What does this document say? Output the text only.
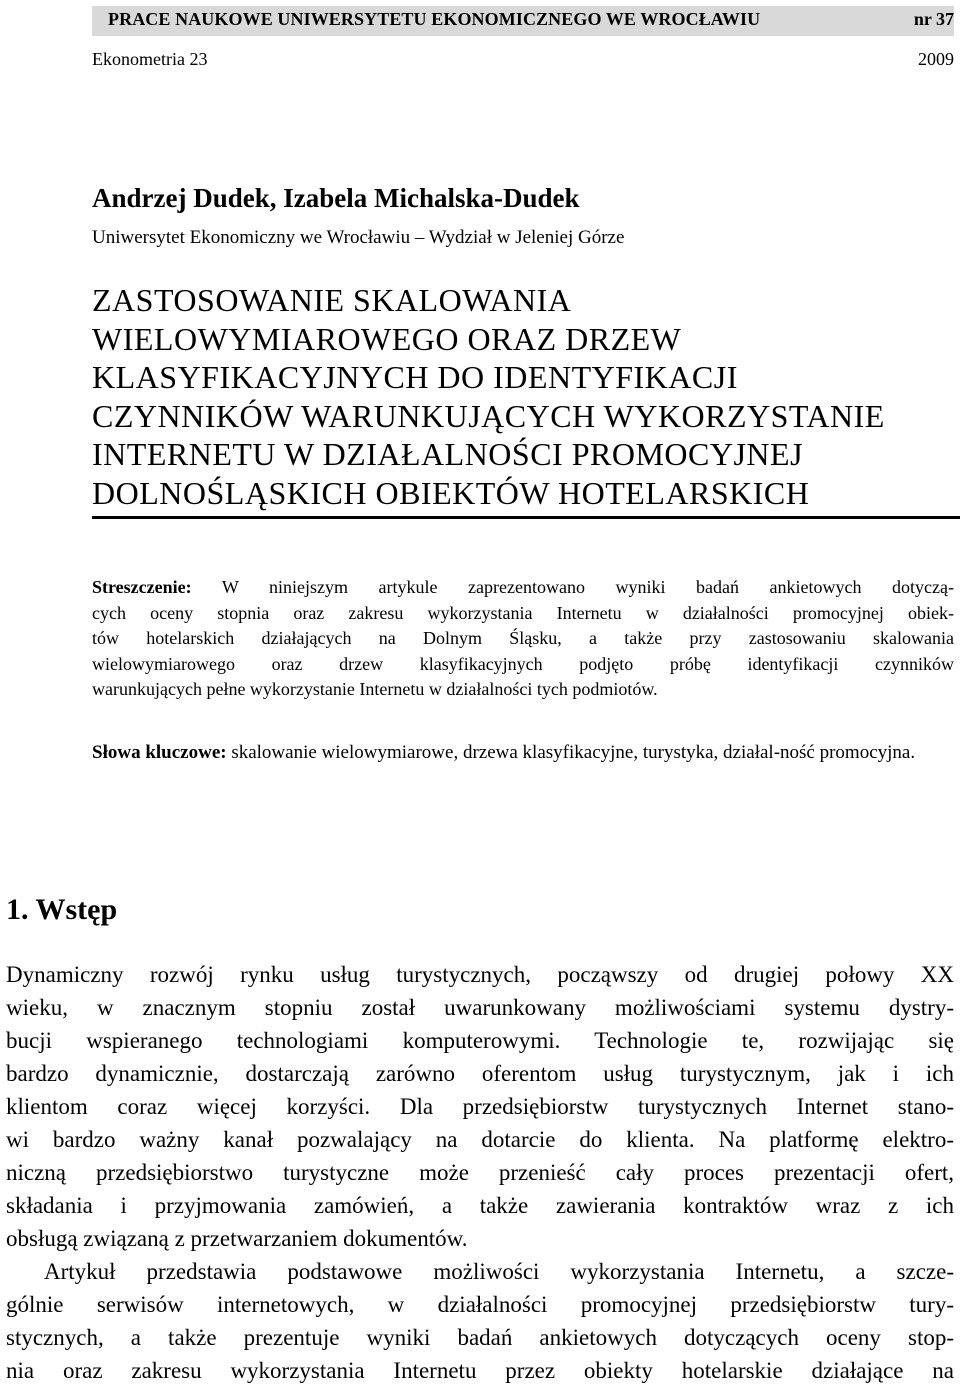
PRACE NAUKOWE UNIWERSYTETU EKONOMICZNEGO WE WROCŁAWIU	nr 37
Ekonometria 23	2009
Andrzej Dudek, Izabela Michalska-Dudek
Uniwersytet Ekonomiczny we Wrocławiu – Wydział w Jeleniej Górze
ZASTOSOWANIE SKALOWANIA
WIELOWYMIAROWEGO ORAZ DRZEW
KLASYFIKACYJNYCH DO IDENTYFIKACJI
CZYNNIKÓW WARUNKUJĄCYCH WYKORZYSTANIE
INTERNETU W DZIAŁALNOŚCI PROMOCYJNEJ
DOLNOŚLĄSKICH OBIEKTÓW HOTELARSKICH
Streszczenie: W niniejszym artykule zaprezentowano wyniki badań ankietowych dotyczą-
cych oceny stopnia oraz zakresu wykorzystania Internetu w działalności promocyjnej obiek-
tów hotelarskich działających na Dolnym Śląsku, a także przy zastosowaniu skalowania
wielowymiarowego oraz drzew klasyfikacyjnych podjęto próbę identyfikacji czynników
warunkujących pełne wykorzystanie Internetu w działalności tych podmiotów.
Słowa kluczowe: skalowanie wielowymiarowe, drzewa klasyfikacyjne, turystyka, działal-ność promocyjna.
1. Wstęp
Dynamiczny rozwój rynku usług turystycznych, począwszy od drugiej połowy XX
wieku, w znacznym stopniu został uwarunkowany możliwościami systemu dystry-
bucji wspieranego technologiami komputerowymi. Technologie te, rozwijając się
bardzo dynamicznie, dostarczają zarówno oferentom usług turystycznym, jak i ich
klientom coraz więcej korzyści. Dla przedsiębiorstw turystycznych Internet stano-
wi bardzo ważny kanał pozwalający na dotarcie do klienta. Na platformę elektro-
niczną przedsiębiorstwo turystyczne może przenieść cały proces prezentacji ofert,
składania i przyjmowania zamówień, a także zawierania kontraktów wraz z ich
obsługą związaną z przetwarzaniem dokumentów.
Artykuł przedstawia podstawowe możliwości wykorzystania Internetu, a szcze-
gólnie serwisów internetowych, w działalności promocyjnej przedsiębiorstw tury-
stycznych, a także prezentuje wyniki badań ankietowych dotyczących oceny stop-
nia oraz zakresu wykorzystania Internetu przez obiekty hotelarskie działające na
